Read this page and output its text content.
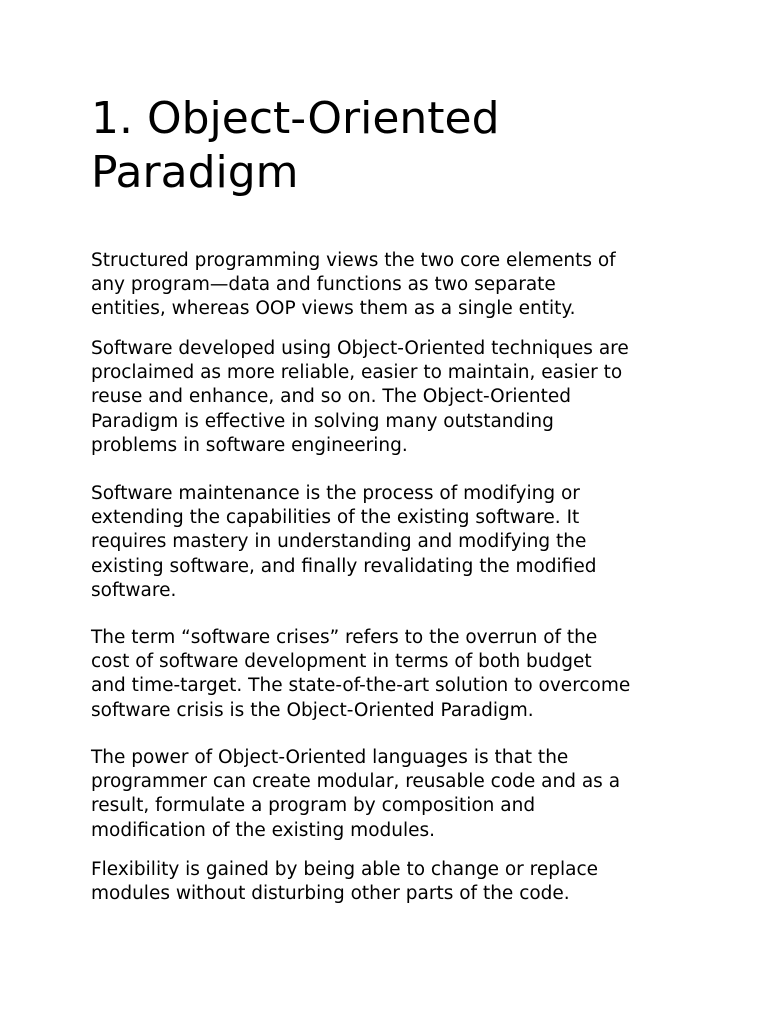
1. Object-Oriented Paradigm

Structured programming views the two core elements of
any program—data and functions as two separate
entities, whereas OOP views them as a single entity.

Software developed using Object-Oriented techniques are
proclaimed as more reliable, easier to maintain, easier to
reuse and enhance, and so on. The Object-Oriented
Paradigm is effective in solving many outstanding
problems in software engineering.

Software maintenance is the process of modifying or
extending the capabilities of the existing software. It
requires mastery in understanding and modifying the
existing software, and finally revalidating the modified
software.

The term “software crises” refers to the overrun of the
cost of software development in terms of both budget
and time-target. The state-of-the-art solution to overcome
software crisis is the Object-Oriented Paradigm.

The power of Object-Oriented languages is that the
programmer can create modular, reusable code and as a
result, formulate a program by composition and
modification of the existing modules.

Flexibility is gained by being able to change or replace
modules without disturbing other parts of the code.
